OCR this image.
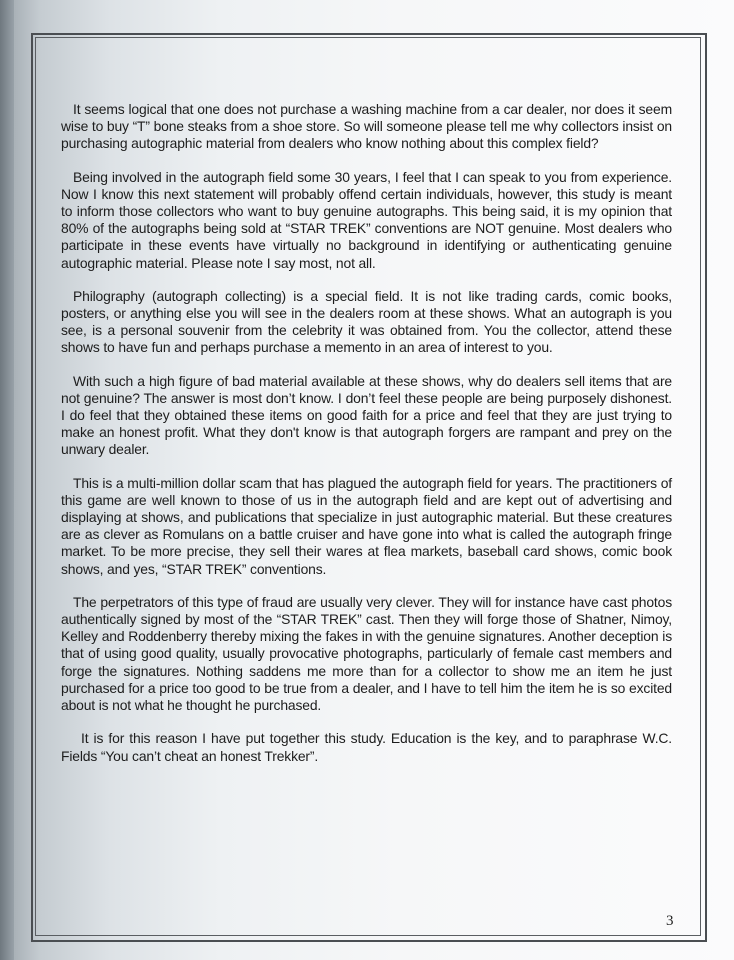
It seems logical that one does not purchase a washing machine from a car dealer, nor does it seem wise to buy “T” bone steaks from a shoe store. So will someone please tell me why collectors insist on purchasing autographic material from dealers who know nothing about this complex field?

Being involved in the autograph field some 30 years, I feel that I can speak to you from experience. Now I know this next statement will probably offend certain individuals, however, this study is meant to inform those collectors who want to buy genuine autographs. This being said, it is my opinion that 80% of the autographs being sold at “STAR TREK” conventions are NOT genuine. Most dealers who participate in these events have virtually no background in identifying or authenticating genuine autographic material. Please note I say most, not all.

Philography (autograph collecting) is a special field. It is not like trading cards, comic books, posters, or anything else you will see in the dealers room at these shows. What an autograph is you see, is a personal souvenir from the celebrity it was obtained from. You the collector, attend these shows to have fun and perhaps purchase a memento in an area of interest to you.

With such a high figure of bad material available at these shows, why do dealers sell items that are not genuine? The answer is most don’t know. I don’t feel these people are being purposely dishonest. I do feel that they obtained these items on good faith for a price and feel that they are just trying to make an honest profit. What they don't know is that autograph forgers are rampant and prey on the unwary dealer.

This is a multi-million dollar scam that has plagued the autograph field for years. The practitioners of this game are well known to those of us in the autograph field and are kept out of advertising and displaying at shows, and publications that specialize in just autographic material. But these creatures are as clever as Romulans on a battle cruiser and have gone into what is called the autograph fringe market. To be more precise, they sell their wares at flea markets, baseball card shows, comic book shows, and yes, “STAR TREK” conventions.

The perpetrators of this type of fraud are usually very clever. They will for instance have cast photos authentically signed by most of the “STAR TREK” cast. Then they will forge those of Shatner, Nimoy, Kelley and Roddenberry thereby mixing the fakes in with the genuine signatures. Another deception is that of using good quality, usually provocative photographs, particularly of female cast members and forge the signatures. Nothing saddens me more than for a collector to show me an item he just purchased for a price too good to be true from a dealer, and I have to tell him the item he is so excited about is not what he thought he purchased.

It is for this reason I have put together this study. Education is the key, and to paraphrase W.C. Fields “You can’t cheat an honest Trekker”.

3
